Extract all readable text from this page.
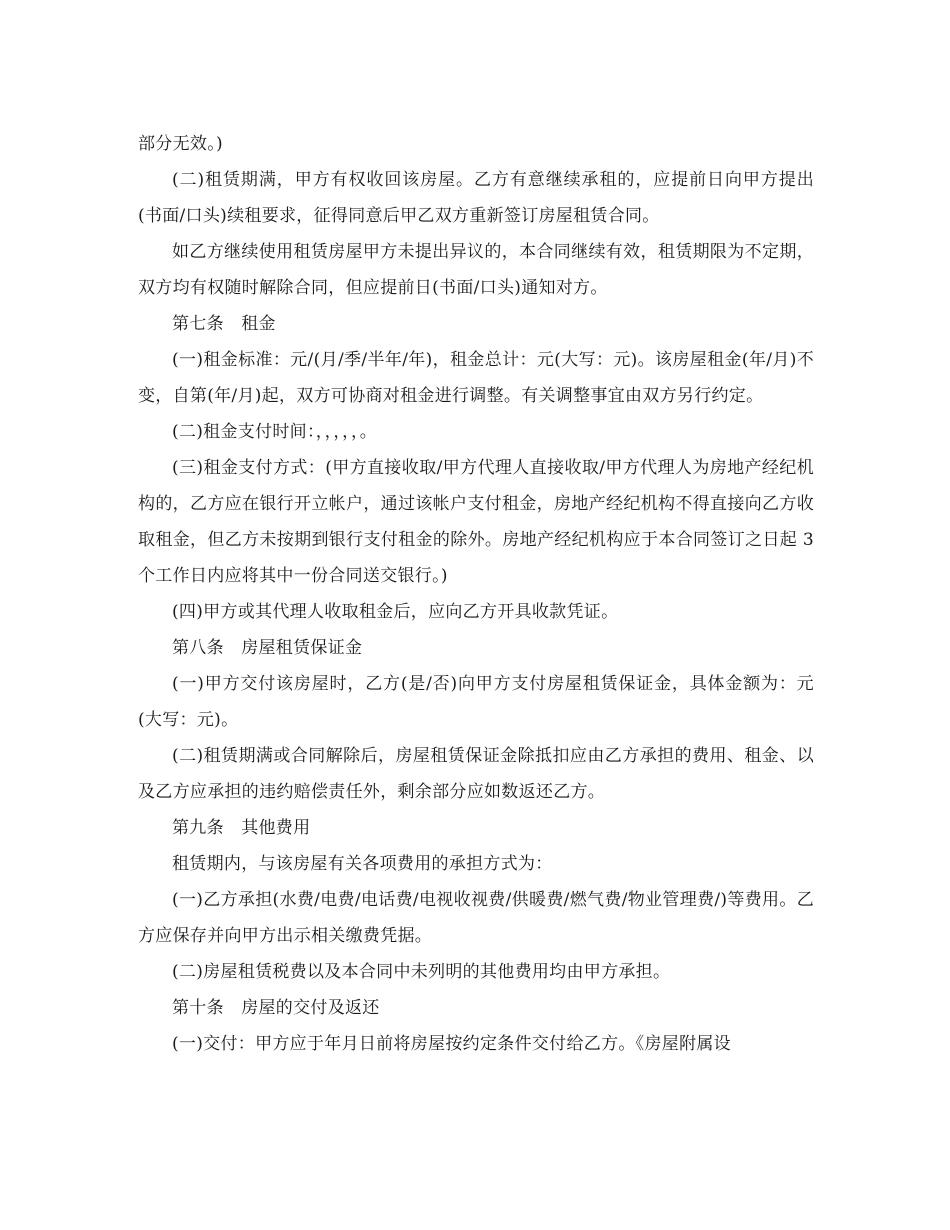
部分无效。)

(二)租赁期满，甲方有权收回该房屋。乙方有意继续承租的，应提前日向甲方提出(书面/口头)续租要求，征得同意后甲乙双方重新签订房屋租赁合同。

如乙方继续使用租赁房屋甲方未提出异议的，本合同继续有效，租赁期限为不定期，双方均有权随时解除合同，但应提前日(书面/口头)通知对方。

第七条　租金

(一)租金标准：元/(月/季/半年/年)，租金总计：元(大写：元)。该房屋租金(年/月)不变，自第(年/月)起，双方可协商对租金进行调整。有关调整事宜由双方另行约定。

(二)租金支付时间：，，，，，。

(三)租金支付方式：(甲方直接收取/甲方代理人直接收取/甲方代理人为房地产经纪机构的，乙方应在银行开立帐户，通过该帐户支付租金，房地产经纪机构不得直接向乙方收取租金，但乙方未按期到银行支付租金的除外。房地产经纪机构应于本合同签订之日起 3 个工作日内应将其中一份合同送交银行。)

(四)甲方或其代理人收取租金后，应向乙方开具收款凭证。

第八条　房屋租赁保证金

(一)甲方交付该房屋时，乙方(是/否)向甲方支付房屋租赁保证金，具体金额为：元(大写：元)。

(二)租赁期满或合同解除后，房屋租赁保证金除抵扣应由乙方承担的费用、租金、以及乙方应承担的违约赔偿责任外，剩余部分应如数返还乙方。

第九条　其他费用

租赁期内，与该房屋有关各项费用的承担方式为：

(一)乙方承担(水费/电费/电话费/电视收视费/供暖费/燃气费/物业管理费/)等费用。乙方应保存并向甲方出示相关缴费凭据。

(二)房屋租赁税费以及本合同中未列明的其他费用均由甲方承担。

第十条　房屋的交付及返还

(一)交付：甲方应于年月日前将房屋按约定条件交付给乙方。《房屋附属设
